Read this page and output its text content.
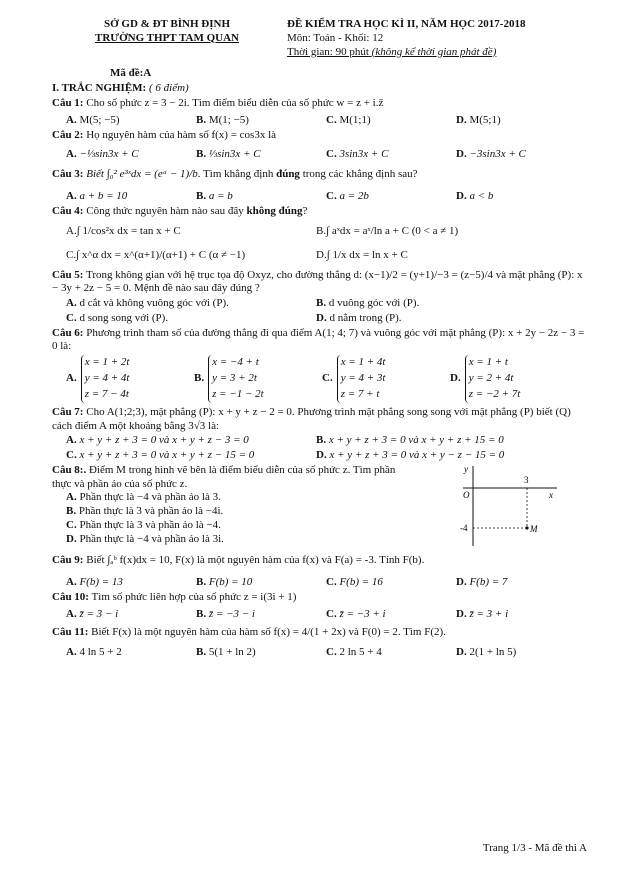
SỞ GD & ĐT BÌNH ĐỊNH
TRƯỜNG THPT TAM QUAN
ĐỀ KIỂM TRA HỌC KÌ II, NĂM HỌC 2017-2018
Môn: Toán - Khối: 12
Thời gian: 90 phút (không kể thời gian phát đề)
Mã đề:A
I. TRẮC NGHIỆM: ( 6 điểm)
Câu 1: Cho số phức z = 3 − 2i. Tìm điểm biểu diễn của số phức w = z + i.z̄
A. M(5; −5)	B. M(1; −5)	C. M(1;1)	D. M(5;1)
Câu 2: Họ nguyên hàm của hàm số f(x) = cos3x là
A. −⅓sin3x + C	B. ⅓sin3x + C	C. 3sin3x + C	D. −3sin3x + C
Câu 3: Biết ∫₀² e³ˣdx = (eᵃ − 1)/b. Tìm khẳng định đúng trong các khẳng định sau?
A. a + b = 10	B. a = b	C. a = 2b	D. a < b
Câu 4: Công thức nguyên hàm nào sau đây không đúng?
A.∫ 1/cos²x dx = tan x + C	B.∫ aˣdx = aˣ/ln a + C (0 < a ≠ 1)
C.∫ x^α dx = x^(α+1)/(α+1) + C (α ≠ −1)	D.∫ 1/x dx = ln x + C
Câu 5: Trong không gian với hệ trục tọa độ Oxyz, cho đường thẳng d: (x−1)/2 = (y+1)/−3 = (z−5)/4 và mặt phẳng (P): x − 3y + 2z − 5 = 0. Mệnh đề nào sau đây đúng ?
A. d cắt và không vuông góc với (P).	B. d vuông góc với (P).
C. d song song với (P).	D. d nằm trong (P).
Câu 6: Phương trình tham số của đường thẳng đi qua điểm A(1; 4; 7) và vuông góc với mặt phẳng (P): x + 2y − 2z − 3 = 0 là:
A.
x = 1 + 2t
y = 4 + 4t
z = 7 − 4t
B.
x = −4 + t
y = 3 + 2t
z = −1 − 2t
C.
x = 1 + 4t
y = 4 + 3t
z = 7 + t
D.
x = 1 + t
y = 2 + 4t
z = −2 + 7t
Câu 7: Cho A(1;2;3), mặt phẳng (P): x + y + z − 2 = 0. Phương trình mặt phẳng song song với mặt phẳng (P) biết (Q) cách điểm A một khoảng bằng 3√3 là:
A. x + y + z + 3 = 0 và x + y + z − 3 = 0	B. x + y + z + 3 = 0 và x + y + z + 15 = 0
C. x + y + z + 3 = 0 và x + y + z − 15 = 0	D. x + y + z + 3 = 0 và x + y − z − 15 = 0
Câu 8:. Điểm M trong hình vẽ bên là điểm biểu diễn của số phức z. Tìm phần thực và phần ảo của số phức z.
A. Phần thực là −4 và phần ảo là 3.
B. Phần thực là 3 và phần ảo là −4i.
C. Phần thực là 3 và phần ảo là −4.
D. Phần thực là −4 và phần ảo là 3i.
y
x
O
3
-4	M
Câu 9: Biết ∫ₐᵇ f(x)dx = 10, F(x) là một nguyên hàm của f(x) và F(a) = -3. Tính F(b).
A. F(b) = 13	B. F(b) = 10	C. F(b) = 16	D. F(b) = 7
Câu 10: Tìm số phức liên hợp của số phức z = i(3i + 1)
A. z̄ = 3 − i	B. z̄ = −3 − i	C. z̄ = −3 + i	D. z̄ = 3 + i
Câu 11: Biết F(x) là một nguyên hàm của hàm số f(x) = 4/(1 + 2x) và F(0) = 2. Tìm F(2).
A. 4 ln 5 + 2	B. 5(1 + ln 2)	C. 2 ln 5 + 4	D. 2(1 + ln 5)
Trang 1/3 - Mã đề thi A
